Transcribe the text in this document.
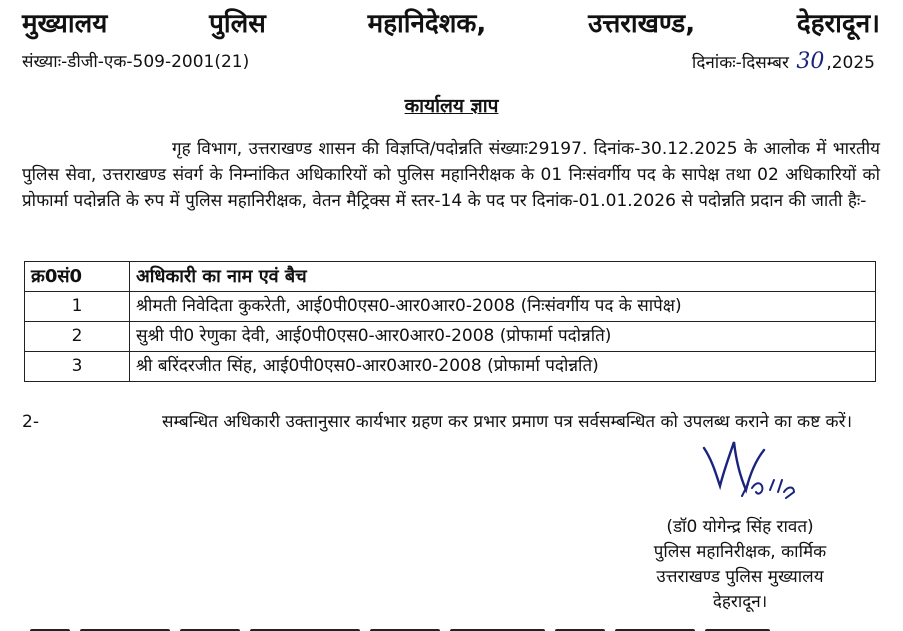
मुख्यालय	पुलिस	महानिदेशक,	उत्तराखण्ड,	देहरादून।
संख्याः-डीजी-एक-509-2001(21)	दिनांकः-दिसम्बर 30 ,2025
कार्यालय ज्ञाप
गृह विभाग, उत्तराखण्ड शासन की विज्ञप्ति/पदोन्नति संख्याः29197. दिनांक-30.12.2025 के आलोक में भारतीय पुलिस सेवा, उत्तराखण्ड संवर्ग के निम्नांकित अधिकारियों को पुलिस महानिरीक्षक के 01 निःसंवर्गीय पद के सापेक्ष तथा 02 अधिकारियों को प्रोफार्मा पदोन्नति के रुप में पुलिस महानिरीक्षक, वेतन मैट्रिक्स में स्तर-14 के पद पर दिनांक-01.01.2026 से पदोन्नति प्रदान की जाती हैः-
क्र0सं0	अधिकारी का नाम एवं बैच
1	श्रीमती निवेदिता कुकरेती, आई0पी0एस0-आर0आर0-2008 (निःसंवर्गीय पद के सापेक्ष)
2	सुश्री पी0 रेणुका देवी, आई0पी0एस0-आर0आर0-2008 (प्रोफार्मा पदोन्नति)
3	श्री बरिंदरजीत सिंह, आई0पी0एस0-आर0आर0-2008 (प्रोफार्मा पदोन्नति)
2-	सम्बन्धित अधिकारी उक्तानुसार कार्यभार ग्रहण कर प्रभार प्रमाण पत्र सर्वसम्बन्धित को उपलब्ध कराने का कष्ट करें।
(डॉ0 योगेन्द्र सिंह रावत)
पुलिस महानिरीक्षक, कार्मिक
उत्तराखण्ड पुलिस मुख्यालय
देहरादून।
